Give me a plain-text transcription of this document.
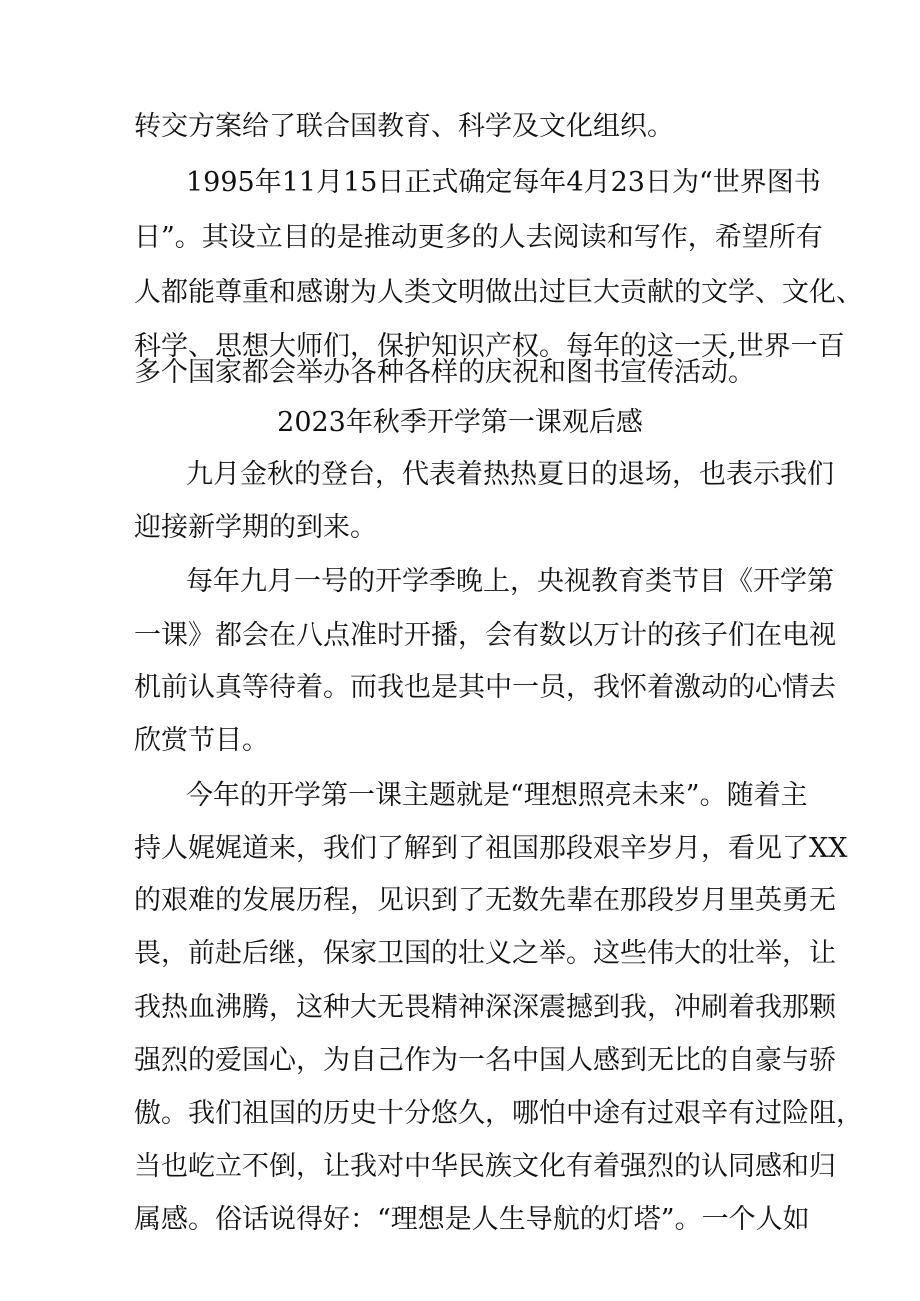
转交方案给了联合国教育、科学及文化组织。
1995年11月15日正式确定每年4月23日为“世界图书
日”。其设立目的是推动更多的人去阅读和写作，希望所有
人都能尊重和感谢为人类文明做出过巨大贡献的文学、文化、
科学、思想大师们，保护知识产权。每年的这一天,世界一百
多个国家都会举办各种各样的庆祝和图书宣传活动。
2023年秋季开学第一课观后感
九月金秋的登台，代表着热热夏日的退场，也表示我们
迎接新学期的到来。
每年九月一号的开学季晚上，央视教育类节目《开学第
一课》都会在八点准时开播，会有数以万计的孩子们在电视
机前认真等待着。而我也是其中一员，我怀着激动的心情去
欣赏节目。
今年的开学第一课主题就是“理想照亮未来”。随着主
持人娓娓道来，我们了解到了祖国那段艰辛岁月，看见了XX
的艰难的发展历程，见识到了无数先辈在那段岁月里英勇无
畏，前赴后继，保家卫国的壮义之举。这些伟大的壮举，让
我热血沸腾，这种大无畏精神深深震撼到我，冲刷着我那颗
强烈的爱国心，为自己作为一名中国人感到无比的自豪与骄
傲。我们祖国的历史十分悠久，哪怕中途有过艰辛有过险阻，
当也屹立不倒，让我对中华民族文化有着强烈的认同感和归
属感。俗话说得好：“理想是人生导航的灯塔”。一个人如
